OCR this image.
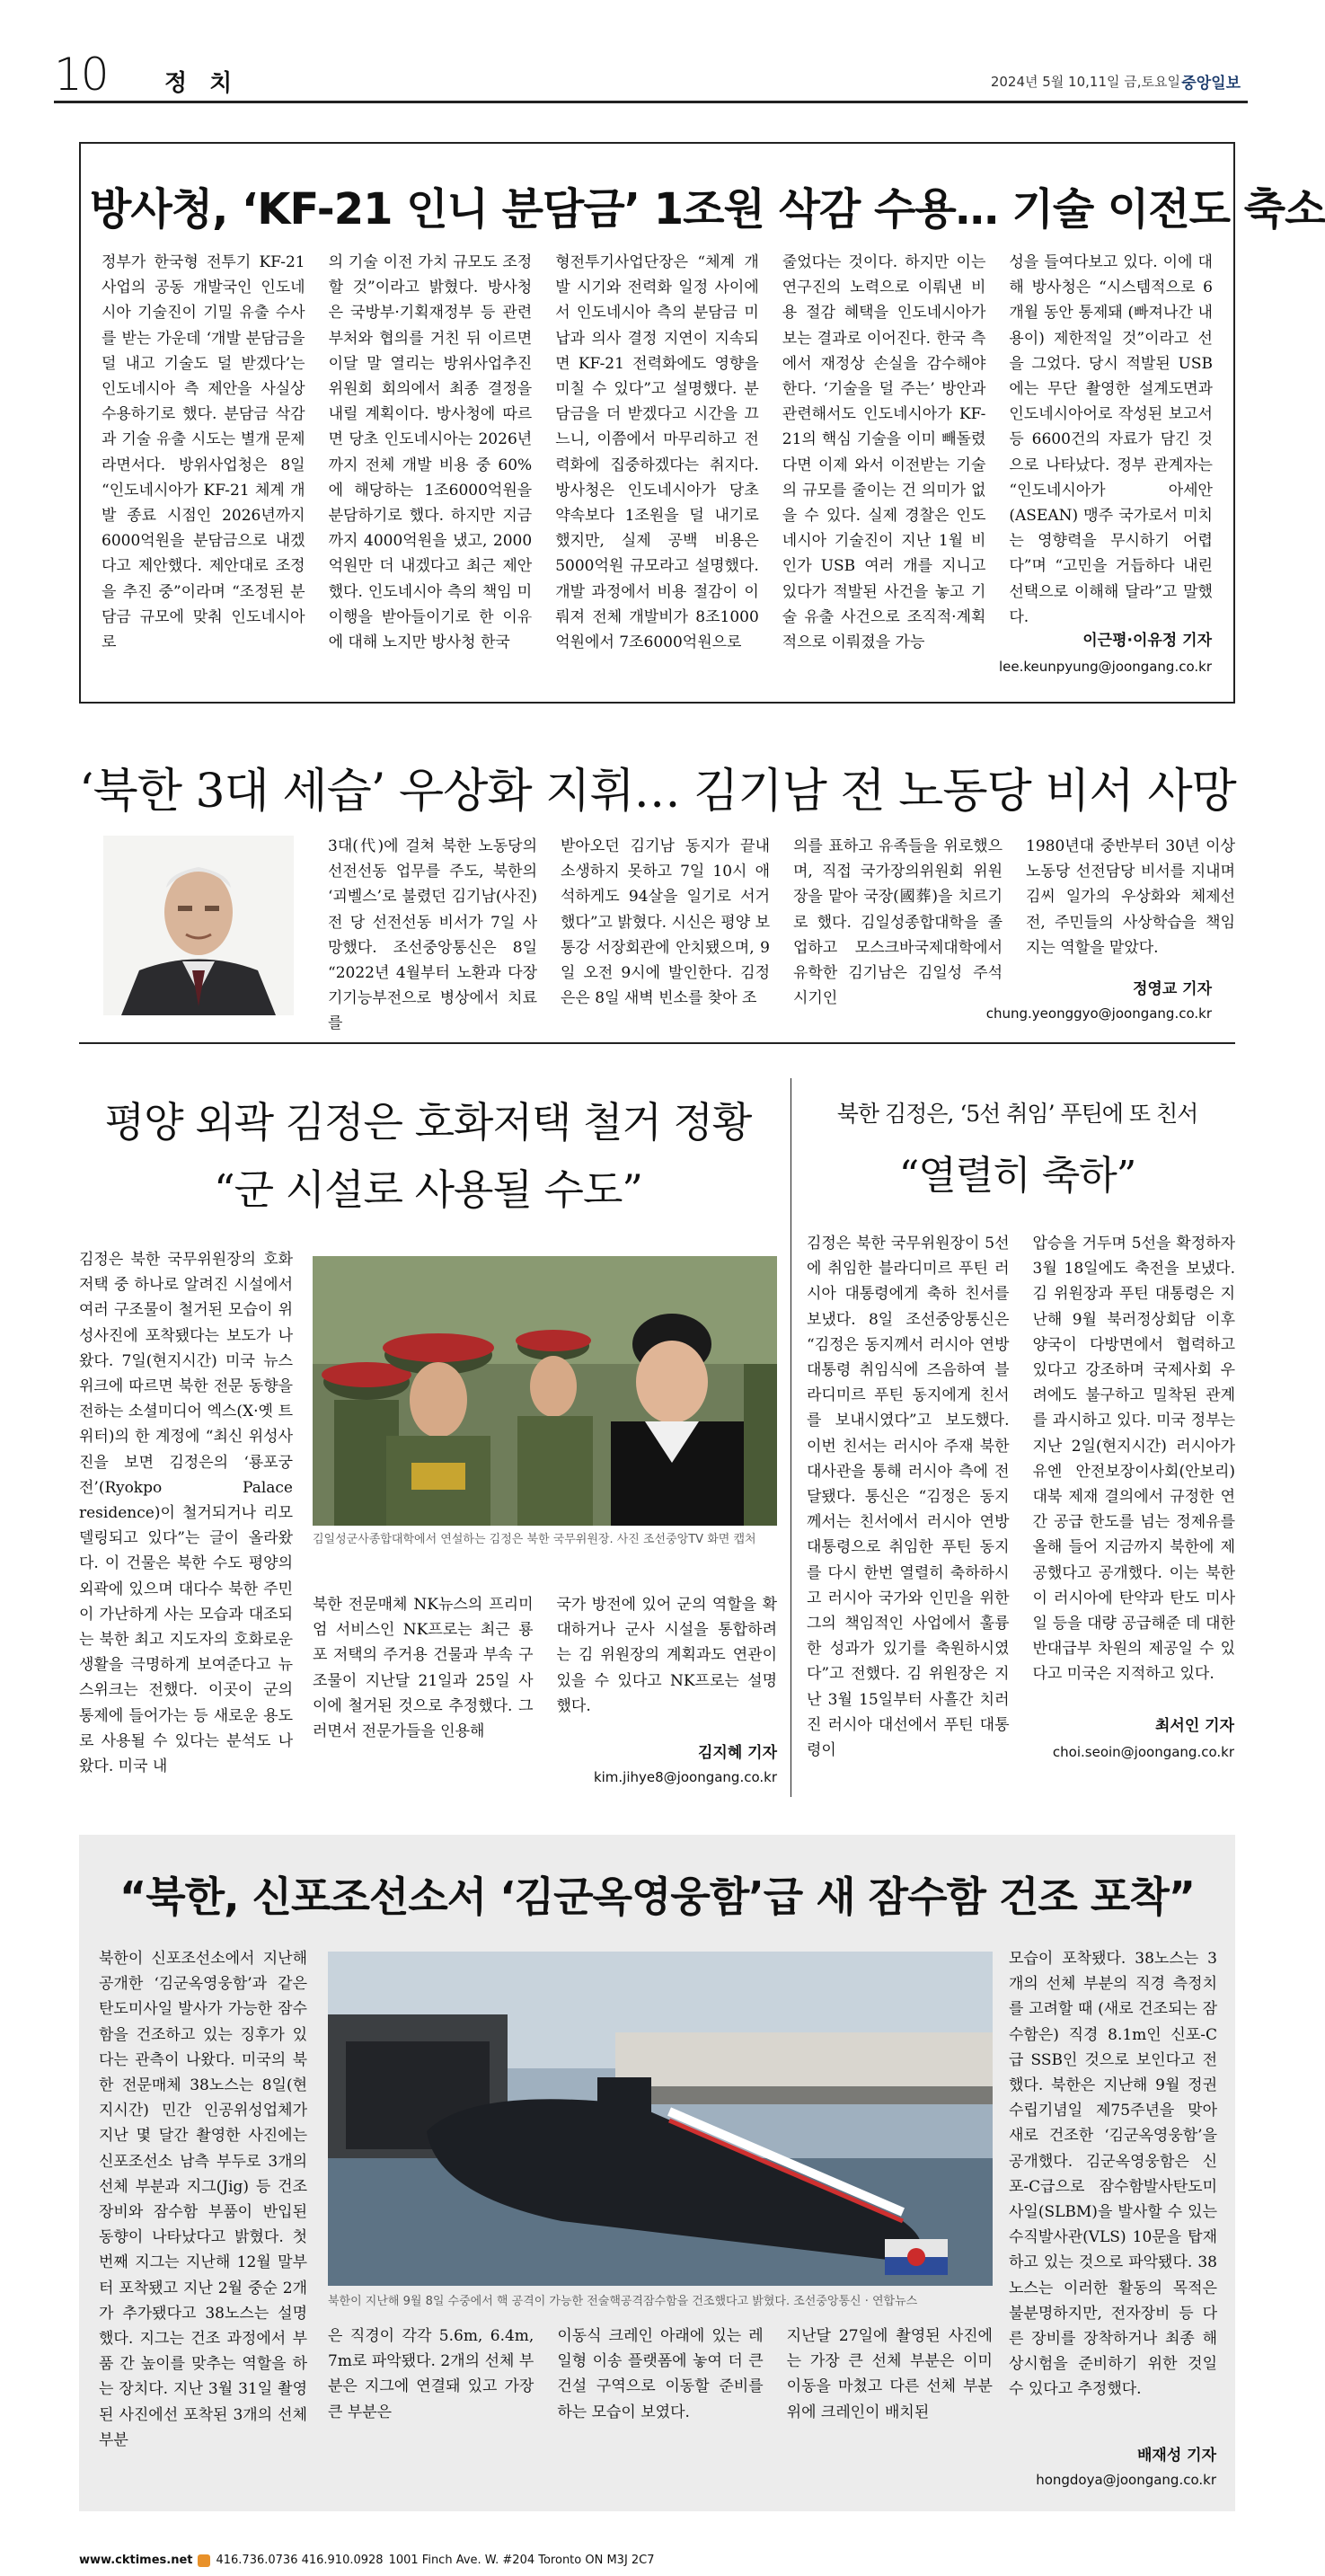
10 정 치	2024년 5월 10,11일 금,토요일 중앙일보
방사청, ‘KF-21 인니 분담금’ 1조원 삭감 수용… 기술 이전도 축소
정부가 한국형 전투기 KF-21 사업의 공동 개발국인 인도네시아 기술진이 기밀 유출 수사를 받는 가운데 ‘개발 분담금을 덜 내고 기술도 덜 받겠다’는 인도네시아 측 제안을 사실상 수용하기로 했다. 분담금 삭감과 기술 유출 시도는 별개 문제라면서다. 방위사업청은 8일 “인도네시아가 KF-21 체계 개발 종료 시점인 2026년까지 6000억원을 분담금으로 내겠다고 제안했다. 제안대로 조정을 추진 중”이라며 “조정된 분담금 규모에 맞춰 인도네시아로
의 기술 이전 가치 규모도 조정할 것”이라고 밝혔다. 방사청은 국방부·기획재정부 등 관련 부처와 협의를 거친 뒤 이르면 이달 말 열리는 방위사업추진위원회 회의에서 최종 결정을 내릴 계획이다. 방사청에 따르면 당초 인도네시아는 2026년까지 전체 개발 비용 중 60%에 해당하는 1조6000억원을 분담하기로 했다. 하지만 지금까지 4000억원을 냈고, 2000억원만 더 내겠다고 최근 제안했다. 인도네시아 측의 책임 미이행을 받아들이기로 한 이유에 대해 노지만 방사청 한국
형전투기사업단장은 “체계 개발 시기와 전력화 일정 사이에서 인도네시아 측의 분담금 미납과 의사 결정 지연이 지속되면 KF-21 전력화에도 영향을 미칠 수 있다”고 설명했다. 분담금을 더 받겠다고 시간을 끄느니, 이쯤에서 마무리하고 전력화에 집중하겠다는 취지다. 방사청은 인도네시아가 당초 약속보다 1조원을 덜 내기로 했지만, 실제 공백 비용은 5000억원 규모라고 설명했다. 개발 과정에서 비용 절감이 이뤄져 전체 개발비가 8조1000억원에서 7조6000억원으로
줄었다는 것이다. 하지만 이는 연구진의 노력으로 이뤄낸 비용 절감 혜택을 인도네시아가 보는 결과로 이어진다. 한국 측에서 재정상 손실을 감수해야 한다. ‘기술을 덜 주는’ 방안과 관련해서도 인도네시아가 KF-21의 핵심 기술을 이미 빼돌렸다면 이제 와서 이전받는 기술의 규모를 줄이는 건 의미가 없을 수 있다. 실제 경찰은 인도네시아 기술진이 지난 1월 비인가 USB 여러 개를 지니고 있다가 적발된 사건을 놓고 기술 유출 사건으로 조직적·계획적으로 이뤄졌을 가능
성을 들여다보고 있다. 이에 대해 방사청은 “시스템적으로 6개월 동안 통제돼 (빠져나간 내용이) 제한적일 것”이라고 선을 그었다. 당시 적발된 USB에는 무단 촬영한 설계도면과 인도네시아어로 작성된 보고서 등 6600건의 자료가 담긴 것으로 나타났다. 정부 관계자는 “인도네시아가 아세안(ASEAN) 맹주 국가로서 미치는 영향력을 무시하기 어렵다”며 “고민을 거듭하다 내린 선택으로 이해해 달라”고 말했다.
이근평·이유정 기자
lee.keunpyung@joongang.co.kr
‘북한 3대 세습’ 우상화 지휘… 김기남 전 노동당 비서 사망
3대(代)에 걸쳐 북한 노동당의 선전선동 업무를 주도, 북한의 ‘괴벨스’로 불렸던 김기남(사진) 전 당 선전선동 비서가 7일 사망했다. 조선중앙통신은 8일 “2022년 4월부터 노환과 다장기기능부전으로 병상에서 치료를
받아오던 김기남 동지가 끝내 소생하지 못하고 7일 10시 애석하게도 94살을 일기로 서거했다”고 밝혔다. 시신은 평양 보통강 서장회관에 안치됐으며, 9일 오전 9시에 발인한다. 김정은은 8일 새벽 빈소를 찾아 조
의를 표하고 유족들을 위로했으며, 직접 국가장의위원회 위원장을 맡아 국장(國葬)을 치르기로 했다. 김일성종합대학을 졸업하고 모스크바국제대학에서 유학한 김기남은 김일성 주석 시기인
1980년대 중반부터 30년 이상 노동당 선전담당 비서를 지내며 김씨 일가의 우상화와 체제선전, 주민들의 사상학습을 책임지는 역할을 맡았다.
정영교 기자
chung.yeonggyo@joongang.co.kr
평양 외곽 김정은 호화저택 철거 정황
“군 시설로 사용될 수도”
김정은 북한 국무위원장의 호화저택 중 하나로 알려진 시설에서 여러 구조물이 철거된 모습이 위성사진에 포착됐다는 보도가 나왔다. 7일(현지시간) 미국 뉴스위크에 따르면 북한 전문 동향을 전하는 소셜미디어 엑스(X·옛 트위터)의 한 계정에 “최신 위성사진을 보면 김정은의 ‘룡포궁전’(Ryokpo Palace residence)이 철거되거나 리모델링되고 있다”는 글이 올라왔다. 이 건물은 북한 수도 평양의 외곽에 있으며 대다수 북한 주민이 가난하게 사는 모습과 대조되는 북한 최고 지도자의 호화로운 생활을 극명하게 보여준다고 뉴스위크는 전했다. 이곳이 군의 통제에 들어가는 등 새로운 용도로 사용될 수 있다는 분석도 나왔다. 미국 내
김일성군사종합대학에서 연설하는 김정은 북한 국무위원장. 사진 조선중앙TV 화면 캡처
북한 전문매체 NK뉴스의 프리미엄 서비스인 NK프로는 최근 룡포 저택의 주거용 건물과 부속 구조물이 지난달 21일과 25일 사이에 철거된 것으로 추정했다. 그러면서 전문가들을 인용해
국가 방전에 있어 군의 역할을 확대하거나 군사 시설을 통합하려는 김 위원장의 계획과도 연관이 있을 수 있다고 NK프로는 설명했다.
김지혜 기자
kim.jihye8@joongang.co.kr
북한 김정은, ‘5선 취임’ 푸틴에 또 친서
“열렬히 축하”
김정은 북한 국무위원장이 5선에 취임한 블라디미르 푸틴 러시아 대통령에게 축하 친서를 보냈다. 8일 조선중앙통신은 “김정은 동지께서 러시아 연방 대통령 취임식에 즈음하여 블라디미르 푸틴 동지에게 친서를 보내시였다”고 보도했다. 이번 친서는 러시아 주재 북한대사관을 통해 러시아 측에 전달됐다. 통신은 “김정은 동지께서는 친서에서 러시아 연방 대통령으로 취임한 푸틴 동지를 다시 한번 열렬히 축하하시고 러시아 국가와 인민을 위한 그의 책임적인 사업에서 훌륭한 성과가 있기를 축원하시였다”고 전했다. 김 위원장은 지난 3월 15일부터 사흘간 치러진 러시아 대선에서 푸틴 대통령이
압승을 거두며 5선을 확정하자 3월 18일에도 축전을 보냈다. 김 위원장과 푸틴 대통령은 지난해 9월 북러정상회담 이후 양국이 다방면에서 협력하고 있다고 강조하며 국제사회 우려에도 불구하고 밀착된 관계를 과시하고 있다. 미국 정부는 지난 2일(현지시간) 러시아가 유엔 안전보장이사회(안보리) 대북 제재 결의에서 규정한 연간 공급 한도를 넘는 정제유를 올해 들어 지금까지 북한에 제공했다고 공개했다. 이는 북한이 러시아에 탄약과 탄도 미사일 등을 대량 공급해준 데 대한 반대급부 차원의 제공일 수 있다고 미국은 지적하고 있다.
최서인 기자
choi.seoin@joongang.co.kr
“북한, 신포조선소서 ‘김군옥영웅함’급 새 잠수함 건조 포착”
북한이 신포조선소에서 지난해 공개한 ‘김군옥영웅함’과 같은 탄도미사일 발사가 가능한 잠수함을 건조하고 있는 징후가 있다는 관측이 나왔다. 미국의 북한 전문매체 38노스는 8일(현지시간) 민간 인공위성업체가 지난 몇 달간 촬영한 사진에는 신포조선소 남측 부두로 3개의 선체 부분과 지그(Jig) 등 건조 장비와 잠수함 부품이 반입된 동향이 나타났다고 밝혔다. 첫 번째 지그는 지난해 12월 말부터 포착됐고 지난 2월 중순 2개가 추가됐다고 38노스는 설명했다. 지그는 건조 과정에서 부품 간 높이를 맞추는 역할을 하는 장치다. 지난 3월 31일 촬영된 사진에선 포착된 3개의 선체 부분
북한이 지난해 9월 8일 수중에서 핵 공격이 가능한 전술핵공격잠수함을 건조했다고 밝혔다. 조선중앙통신 · 연합뉴스
은 직경이 각각 5.6m, 6.4m, 7m로 파악됐다. 2개의 선체 부분은 지그에 연결돼 있고 가장 큰 부분은
이동식 크레인 아래에 있는 레일형 이송 플랫폼에 놓여 더 큰 건설 구역으로 이동할 준비를 하는 모습이 보였다.
지난달 27일에 촬영된 사진에는 가장 큰 선체 부분은 이미 이동을 마쳤고 다른 선체 부분 위에 크레인이 배치된
모습이 포착됐다. 38노스는 3개의 선체 부분의 직경 측정치를 고려할 때 (새로 건조되는 잠수함은) 직경 8.1m인 신포-C급 SSB인 것으로 보인다고 전했다. 북한은 지난해 9월 정권수립기념일 제75주년을 맞아 새로 건조한 ‘김군옥영웅함’을 공개했다. 김군옥영웅함은 신포-C급으로 잠수함발사탄도미사일(SLBM)을 발사할 수 있는 수직발사관(VLS) 10문을 탑재하고 있는 것으로 파악됐다. 38노스는 이러한 활동의 목적은 불분명하지만, 전자장비 등 다른 장비를 장착하거나 최종 해상시험을 준비하기 위한 것일 수 있다고 추정했다.
배재성 기자
hongdoya@joongang.co.kr
www.cktimes.net 416.736.0736 416.910.0928 1001 Finch Ave. W. #204 Toronto ON M3J 2C7
